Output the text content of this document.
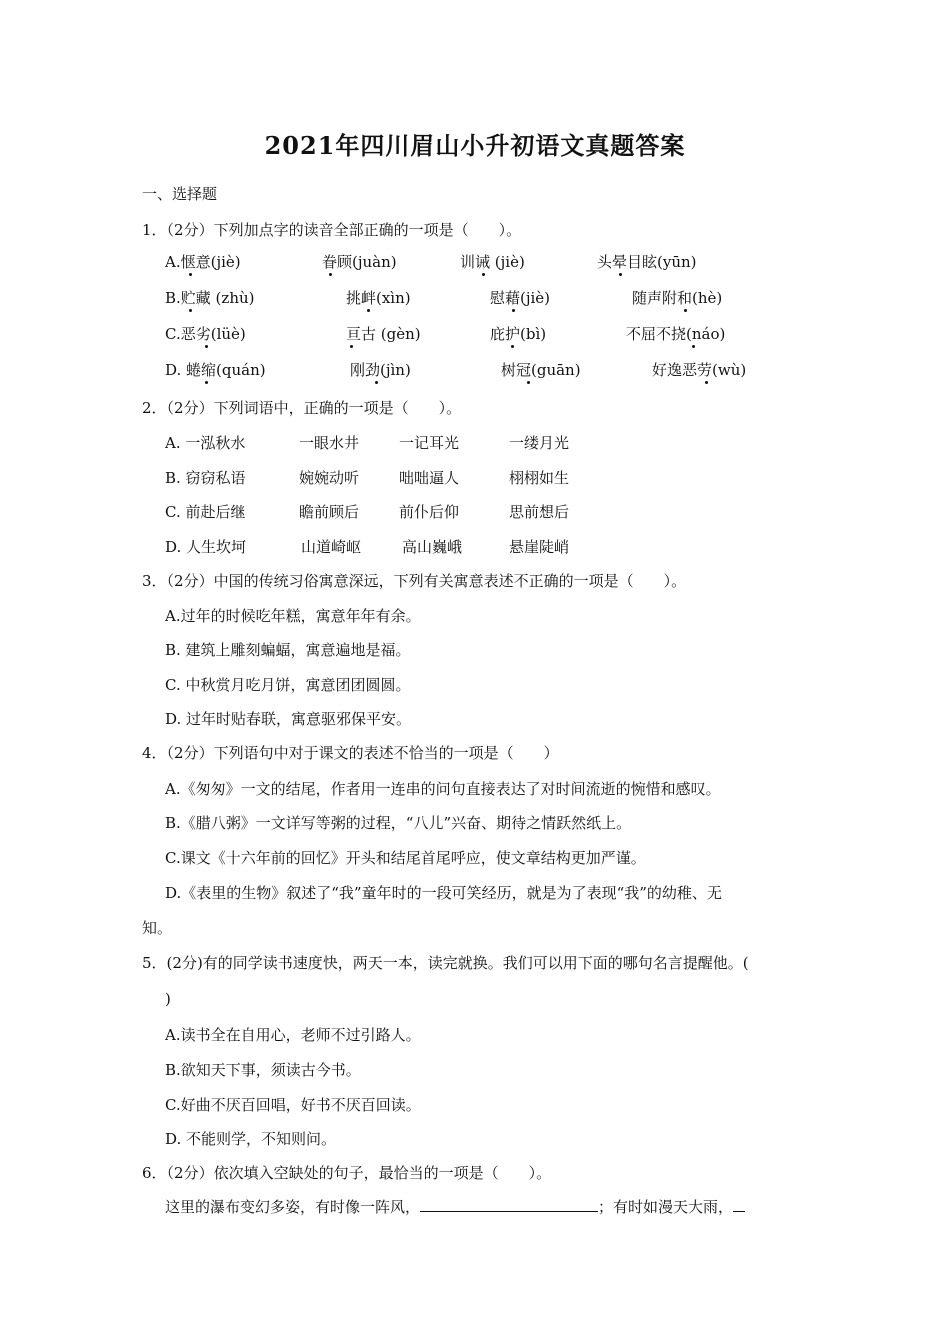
2021年四川眉山小升初语文真题答案
一、选择题
1．（2分）下列加点字的读音全部正确的一项是（　　）。
A.惬意(jiè)	眷顾(juàn)	训诫 (jiè)	头晕目眩(yūn)
B.贮藏 (zhù)	挑衅(xìn)	慰藉(jiè)	随声附和(hè)
C.恶劣(lüè)	亘古 (gèn)	庇护(bì)	不屈不挠(náo)
D. 蜷缩(quán)	刚劲(jìn)	树冠(guān)	好逸恶劳(wù)
2．（2分）下列词语中，正确的一项是（　　）。
A. 一泓秋水	一眼水井	一记耳光	一缕月光
B. 窃窃私语	婉婉动听	咄咄逼人	栩栩如生
C. 前赴后继	瞻前顾后	前仆后仰	思前想后
D. 人生坎坷	山道崎岖	高山巍峨	悬崖陡峭
3．（2分）中国的传统习俗寓意深远，下列有关寓意表述不正确的一项是（　　）。
A.过年的时候吃年糕，寓意年年有余。
B. 建筑上雕刻蝙蝠，寓意遍地是福。
C. 中秋赏月吃月饼，寓意团团圆圆。
D. 过年时贴春联，寓意驱邪保平安。
4．（2分）下列语句中对于课文的表述不恰当的一项是（　　）
A.《匆匆》一文的结尾，作者用一连串的问句直接表达了对时间流逝的惋惜和感叹。
B.《腊八粥》一文详写等粥的过程，“八儿”兴奋、期待之情跃然纸上。
C.课文《十六年前的回忆》开头和结尾首尾呼应，使文章结构更加严谨。
D.《表里的生物》叙述了“我”童年时的一段可笑经历，就是为了表现“我”的幼稚、无
知。
5．(2分)有的同学读书速度快，两天一本，读完就换。我们可以用下面的哪句名言提醒他。(
)
A.读书全在自用心，老师不过引路人。
B.欲知天下事，须读古今书。
C.好曲不厌百回唱，好书不厌百回读。
D. 不能则学，不知则问。
6．（2分）依次填入空缺处的句子，最恰当的一项是（　　）。
这里的瀑布变幻多姿，有时像一阵风，	；有时如漫天大雨，
